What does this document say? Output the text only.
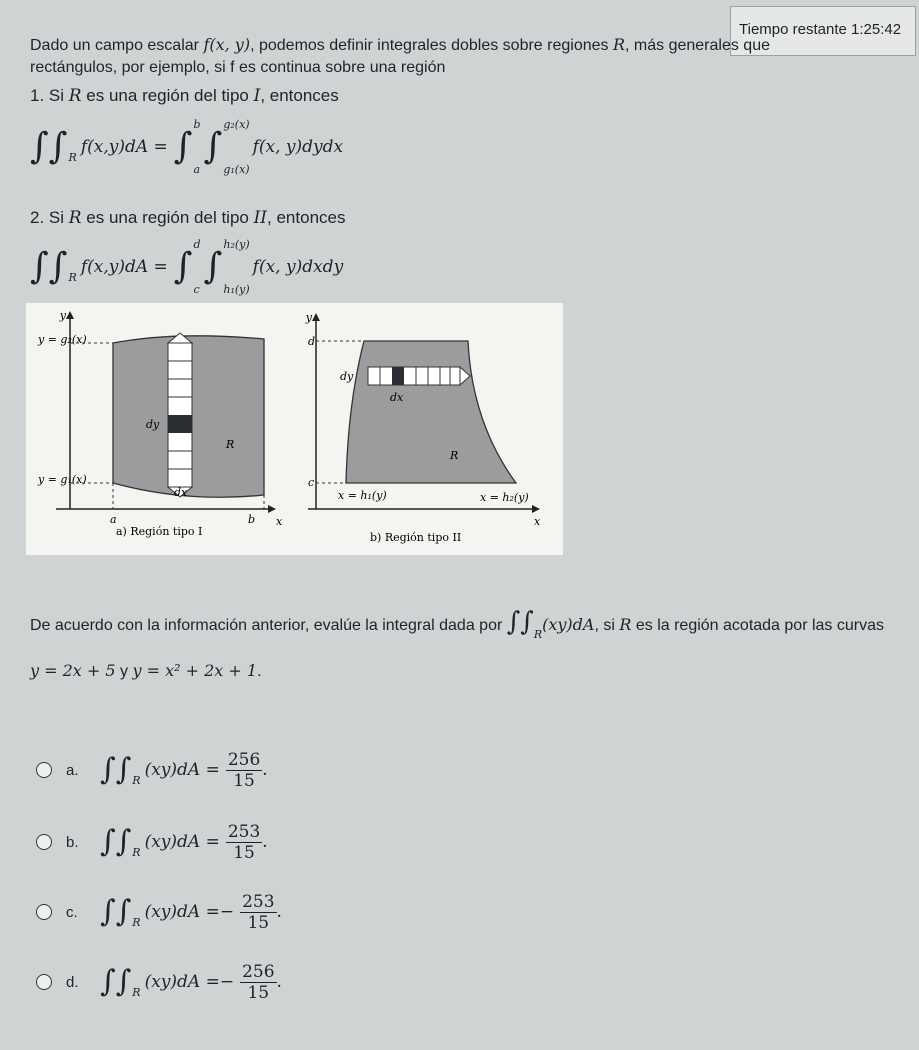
Tiempo restante 1:25:42
Dado un campo escalar f(x, y), podemos definir integrales dobles sobre regiones R, más generales que rectángulos, por ejemplo, si f es continua sobre una región
1. Si R es una región del tipo I, entonces
∫∫ R f(x,y)dA = ∫
b
a
∫
g₂(x)
g₁(x)
f(x, y)dydx
2. Si R es una región del tipo II, entonces
∫∫ R f(x,y)dA = ∫
d
c
∫
h₂(y)
h₁(y)
f(x, y)dxdy
y
x
y = g₂(x)
y = g₁(x)
dy
dx
R
a	b
a) Región tipo I
y
x
d
c
dy
dx
R
x = h₁(y)	x = h₂(y)
b) Región tipo II
De acuerdo con la información anterior, evalúe la integral dada por $\int\int_R(xy)dA$, si R es la región acotada por las curvas y = 2x + 5 y y = x² + 2x + 1.
a. ∫∫ R $(xy)dA = \frac{256}{15}$ .
b. ∫∫ R $(xy)dA = \frac{253}{15}$ .
c. ∫∫ R (xy)dA = − $\frac{253}{15}$ .
d. ∫∫ R (xy)dA = − $\frac{256}{15}$ .
